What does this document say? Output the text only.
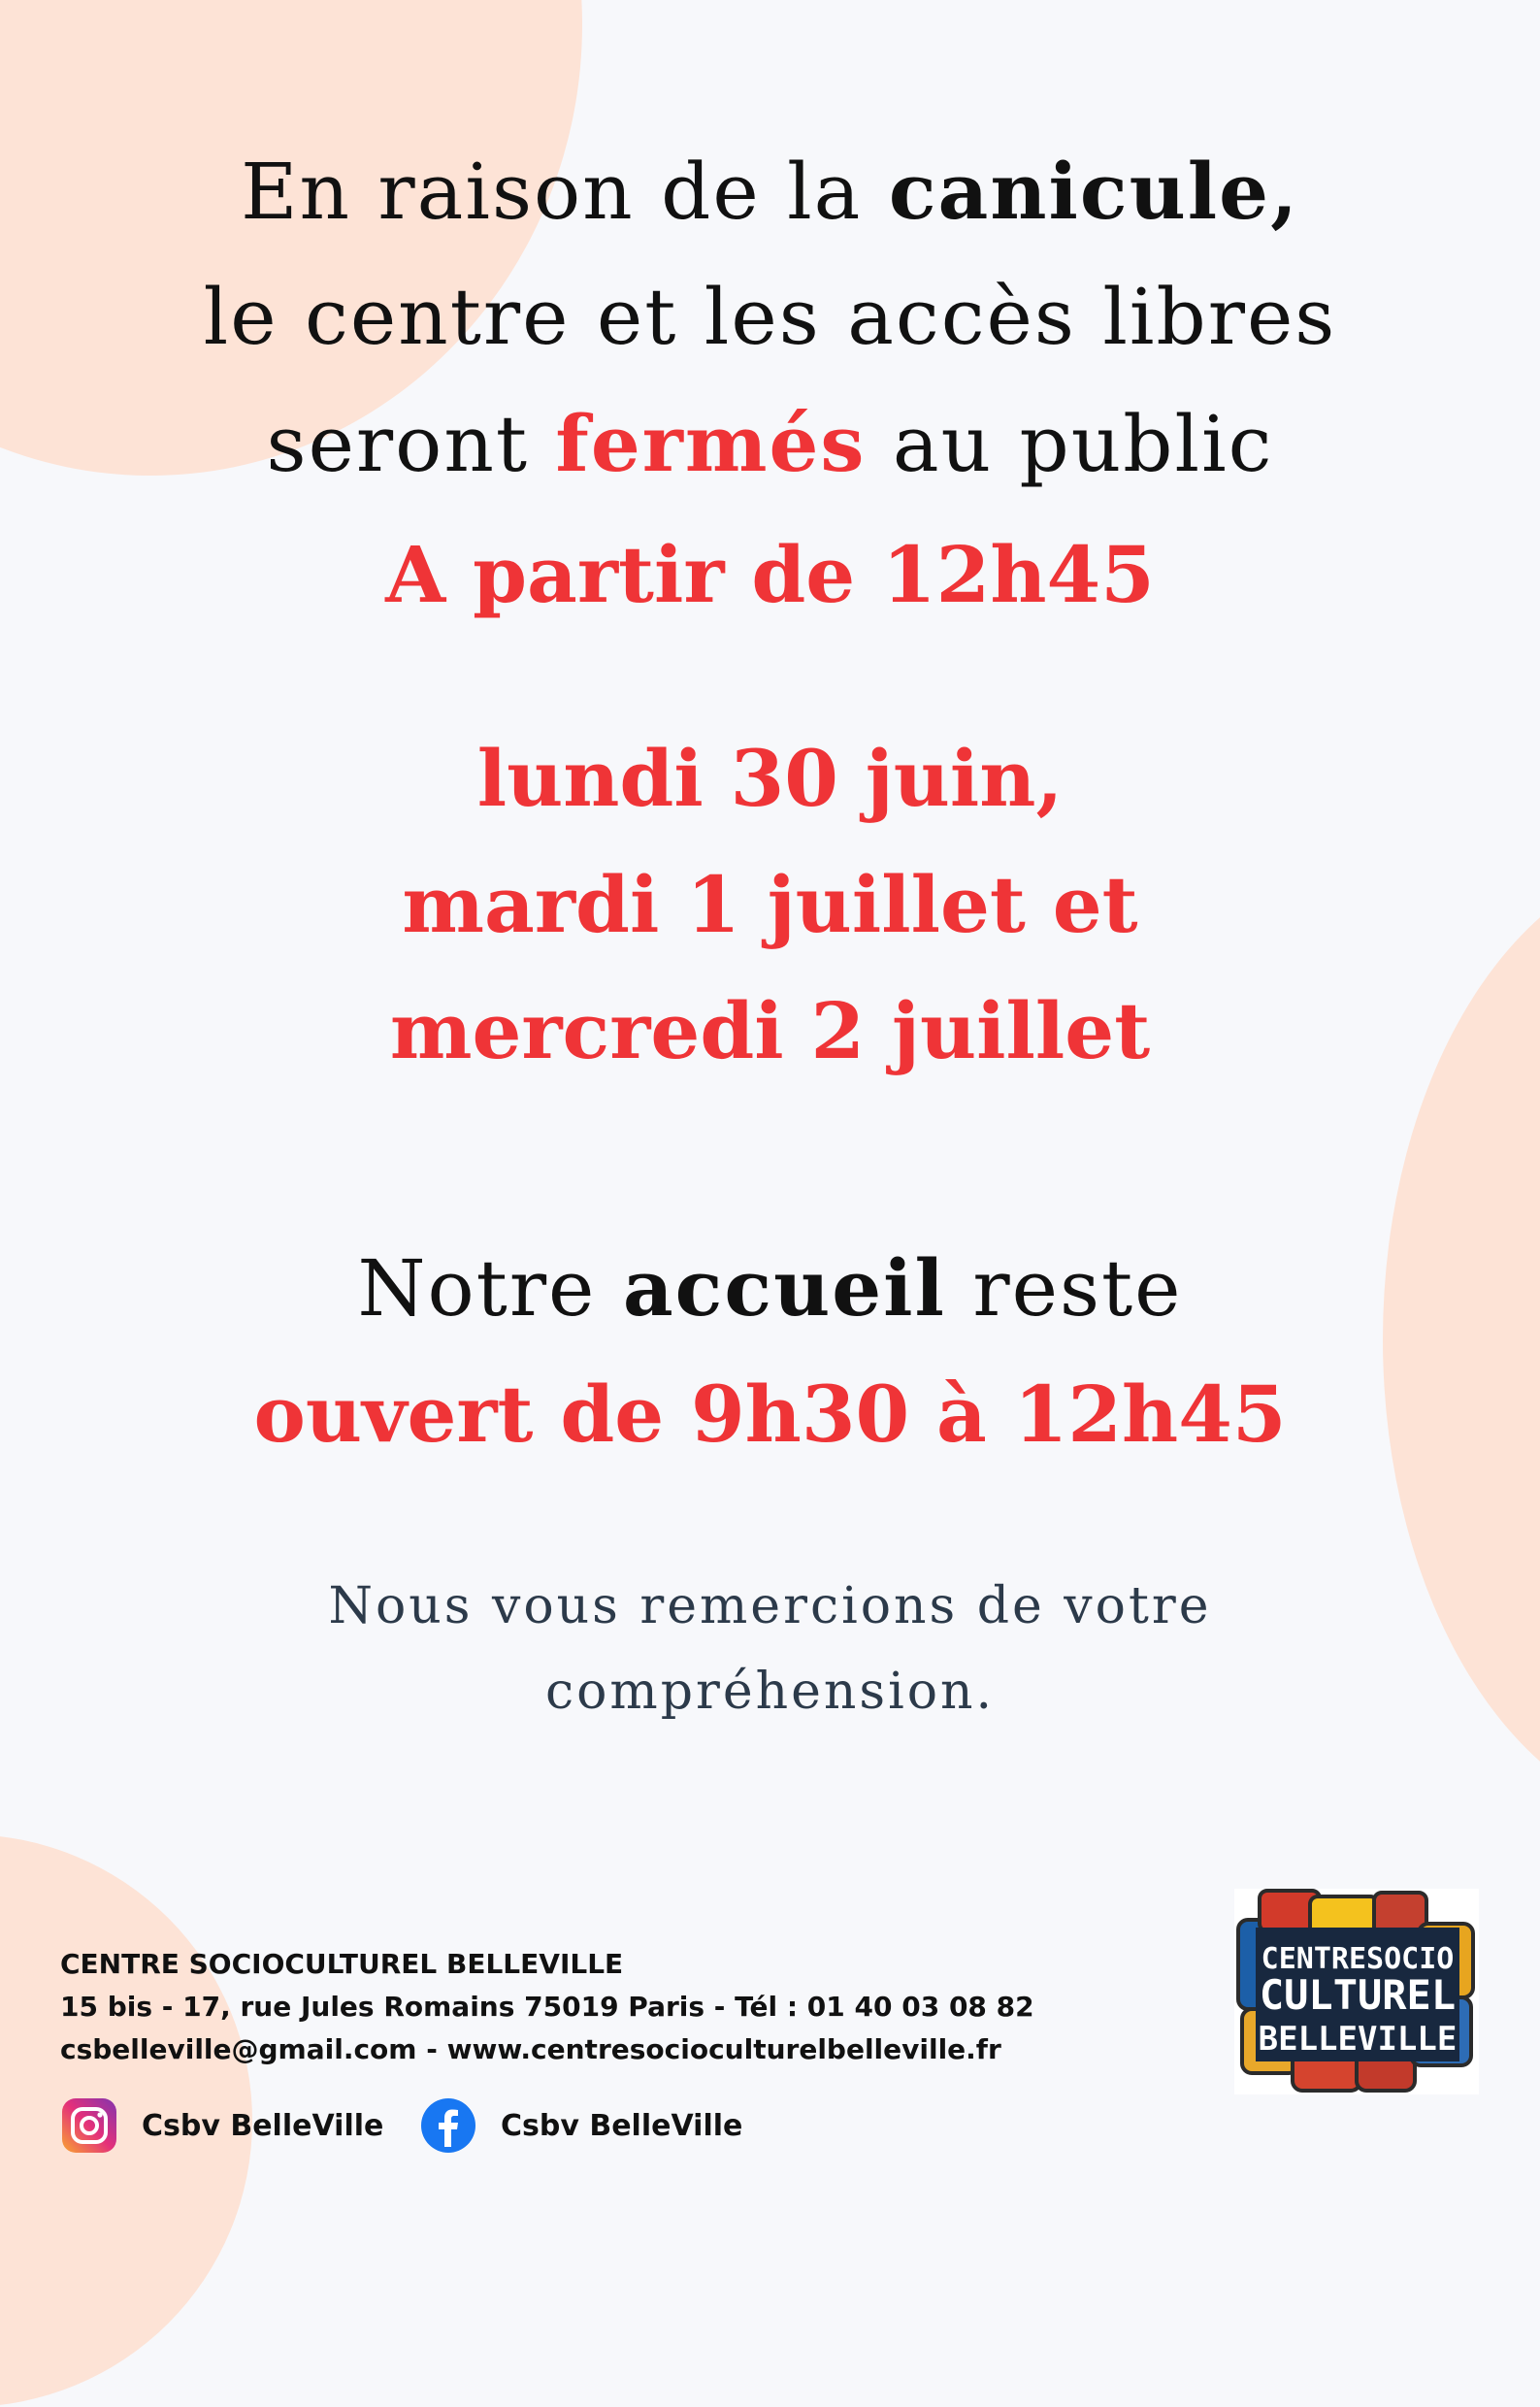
En raison de la canicule,
le centre et les accès libres
seront fermés au public
A partir de 12h45
lundi 30 juin,
mardi 1 juillet et
mercredi 2 juillet
Notre accueil reste
ouvert de 9h30 à 12h45
Nous vous remercions de votre
compréhension.
CENTRE SOCIOCULTUREL BELLEVILLE
15 bis - 17, rue Jules Romains 75019 Paris - Tél : 01 40 03 08 82
csbelleville@gmail.com - www.centresocioculturelbelleville.fr
Csbv BelleVille	Csbv BelleVille
CENTRESOCIO
CULTUREL
BELLEVILLE
